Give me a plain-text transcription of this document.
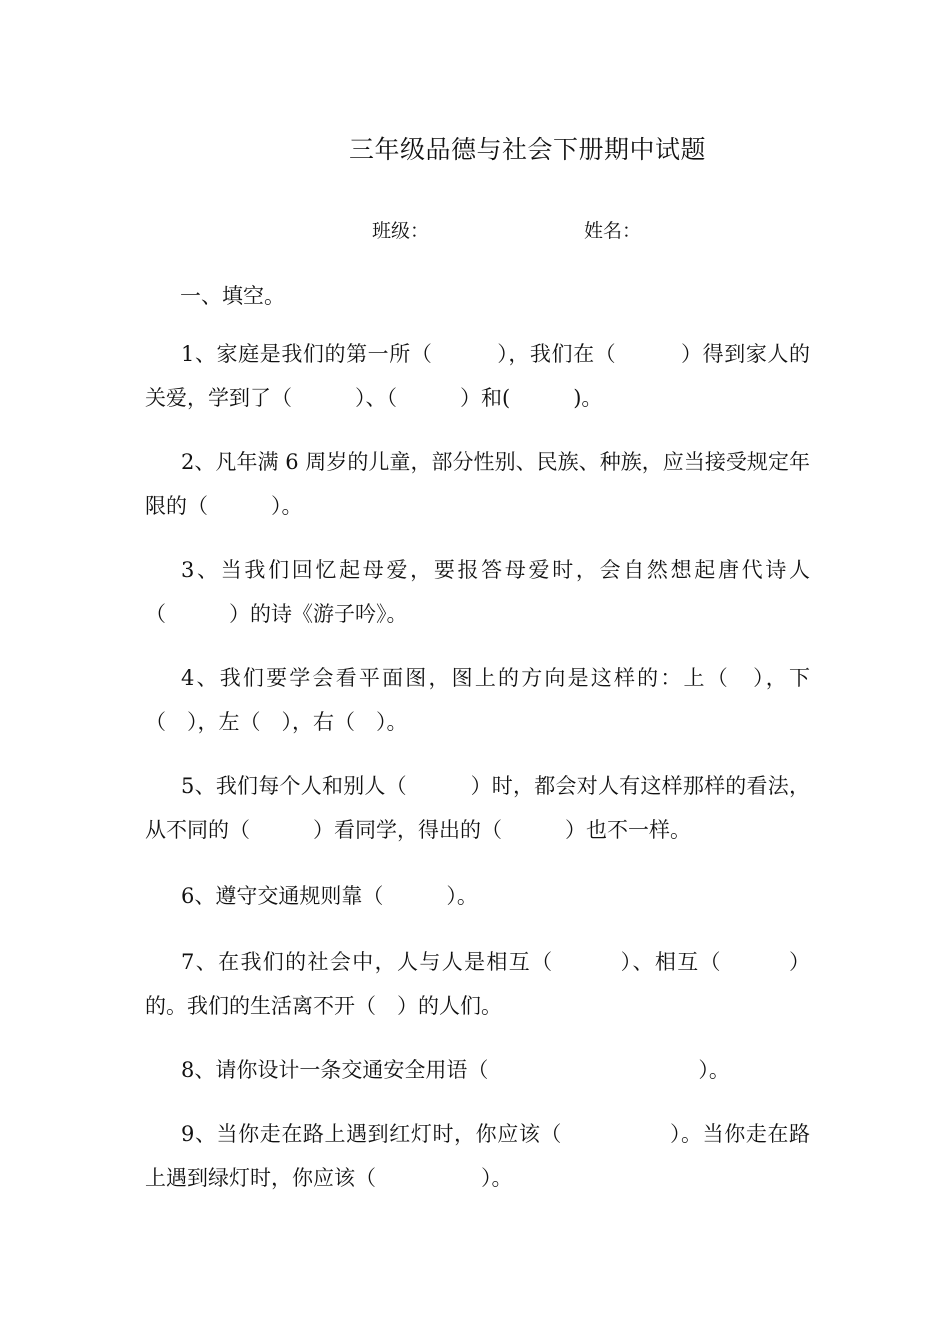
三年级品德与社会下册期中试题
班级：	姓名：
一、填空。
1、家庭是我们的第一所（　　　），我们在（　　　）得到家人的关爱，学到了（　　　）、（　　　）和(　　　)。
2、凡年满 6 周岁的儿童，部分性别、民族、种族，应当接受规定年限的（　　　）。
3、当我们回忆起母爱，要报答母爱时，会自然想起唐代诗人（　　　）的诗《游子吟》。
4、我们要学会看平面图，图上的方向是这样的：上（　），下（　），左（　），右（　）。
5、我们每个人和别人（　　　）时，都会对人有这样那样的看法，从不同的（　　　）看同学，得出的（　　　）也不一样。
6、遵守交通规则靠（　　　）。
7、在我们的社会中，人与人是相互（　　　）、相互（　　　）的。我们的生活离不开（　）的人们。
8、请你设计一条交通安全用语（　　　　　　　　　　）。
9、当你走在路上遇到红灯时，你应该（　　　　　）。当你走在路上遇到绿灯时，你应该（　　　　　）。
